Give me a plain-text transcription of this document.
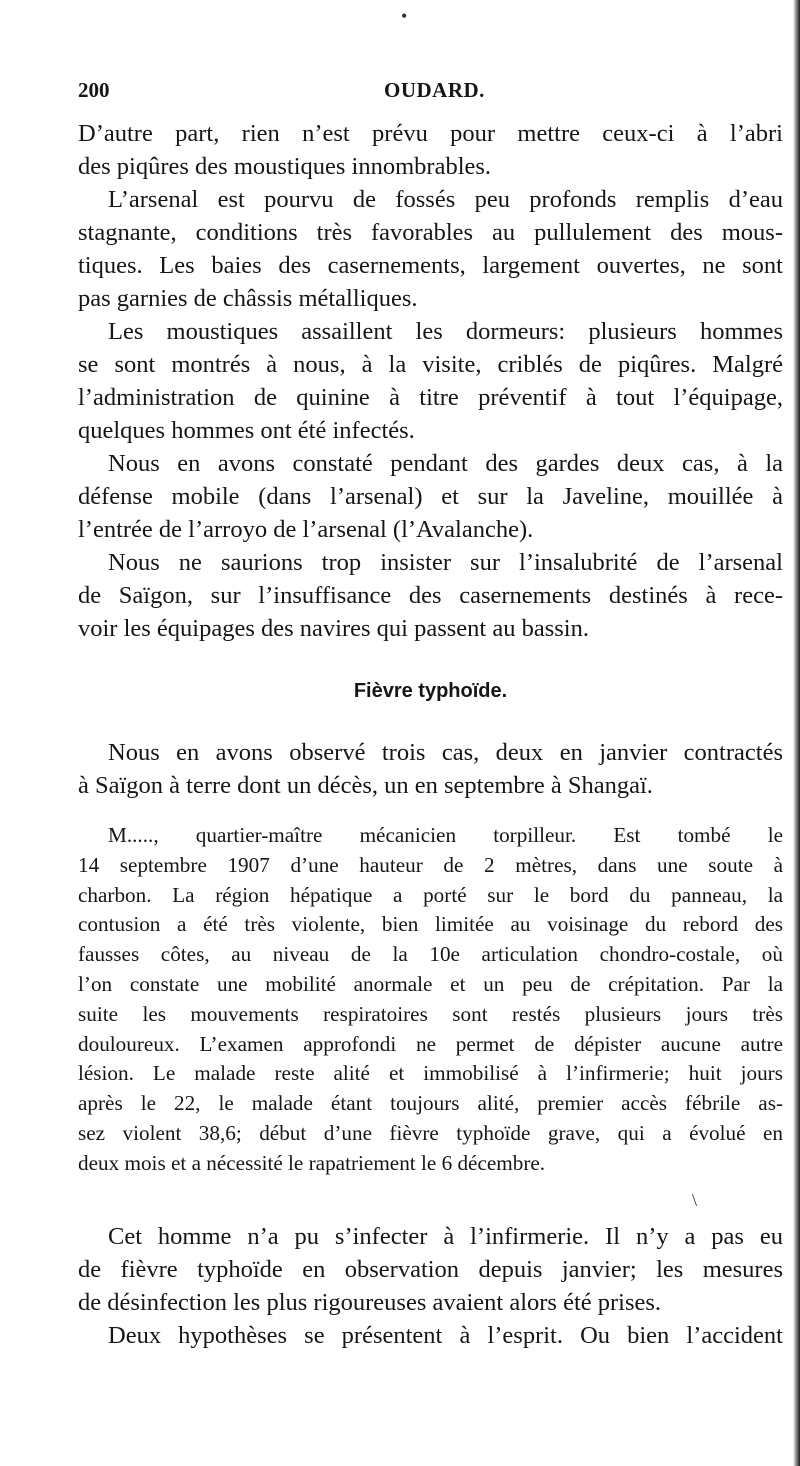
•
200	OUDARD.
D’autre part, rien n’est prévu pour mettre ceux-ci à l’abri
des piqûres des moustiques innombrables.
L’arsenal est pourvu de fossés peu profonds remplis d’eau
stagnante, conditions très favorables au pullulement des mous-
tiques. Les baies des casernements, largement ouvertes, ne sont
pas garnies de châssis métalliques.
Les moustiques assaillent les dormeurs: plusieurs hommes
se sont montrés à nous, à la visite, criblés de piqûres. Malgré
l’administration de quinine à titre préventif à tout l’équipage,
quelques hommes ont été infectés.
Nous en avons constaté pendant des gardes deux cas, à la
défense mobile (dans l’arsenal) et sur la Javeline, mouillée à
l’entrée de l’arroyo de l’arsenal (l’Avalanche).
Nous ne saurions trop insister sur l’insalubrité de l’arsenal
de Saïgon, sur l’insuffisance des casernements destinés à rece-
voir les équipages des navires qui passent au bassin.
Fièvre typhoïde.
Nous en avons observé trois cas, deux en janvier contractés
à Saïgon à terre dont un décès, un en septembre à Shangaï.
M....., quartier-maître mécanicien torpilleur. Est tombé le
14 septembre 1907 d’une hauteur de 2 mètres, dans une soute à
charbon. La région hépatique a porté sur le bord du panneau, la
contusion a été très violente, bien limitée au voisinage du rebord des
fausses côtes, au niveau de la 10e articulation chondro-costale, où
l’on constate une mobilité anormale et un peu de crépitation. Par la
suite les mouvements respiratoires sont restés plusieurs jours très
douloureux. L’examen approfondi ne permet de dépister aucune autre
lésion. Le malade reste alité et immobilisé à l’infirmerie; huit jours
après le 22, le malade étant toujours alité, premier accès fébrile as-
sez violent 38,6; début d’une fièvre typhoïde grave, qui a évolué en
deux mois et a nécessité le rapatriement le 6 décembre.
\
Cet homme n’a pu s’infecter à l’infirmerie. Il n’y a pas eu
de fièvre typhoïde en observation depuis janvier; les mesures
de désinfection les plus rigoureuses avaient alors été prises.
Deux hypothèses se présentent à l’esprit. Ou bien l’accident
